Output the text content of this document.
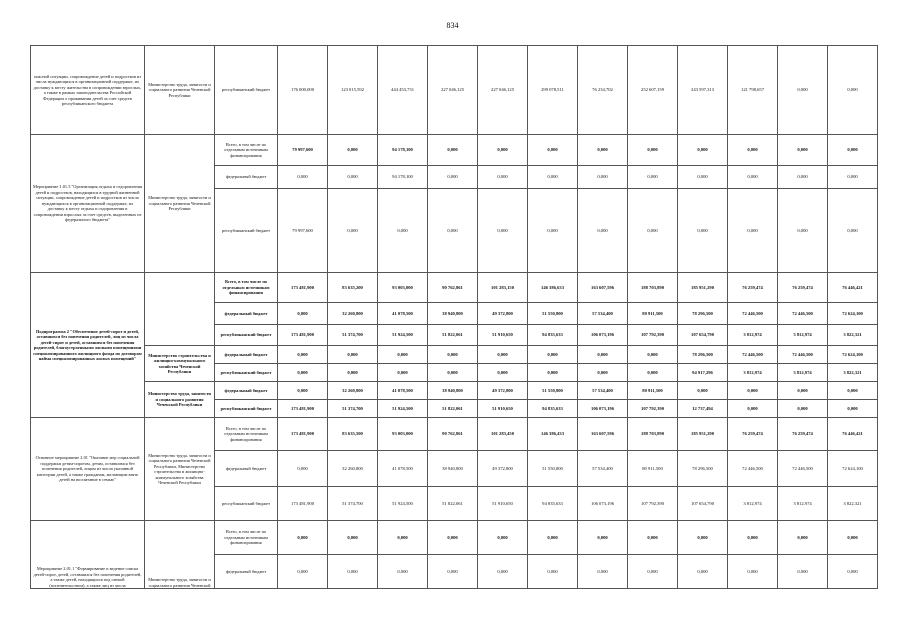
834
опасной ситуации, сопровождение детей и подростков из числа нуждающихся в организационной поддержке, их доставку к месту жительства в сопровождении взрослых, а также в рамках законодательства Российской Федерации о проживании детей за счет средств республиканского бюджета	Министерство труда, занятости и социального развития Чеченской Республики	республиканский бюджет	176 000,000	123 015,592	444 453,731	227 046,125	227 046,125	299 078,511	76 234,702	252 607,159	243 597,313	121 798,657	0,000	0,000
Мероприятие 1.01.5 "Организация отдыха и оздоровления детей и подростков, находящихся в трудной жизненной ситуации, сопровождение детей и подростков из числа нуждающихся в организационной поддержке, их доставку к месту отдыха и оздоровления в сопровождении взрослых за счет средств, выделенных из федерального бюджета"	Министерство труда, занятости и социального развития Чеченской Республики	Всего, в том числе по отдельным источникам финансирования	79 997,600	0,000	94 178,100	0,000	0,000	0,000	0,000	0,000	0,000	0,000	0,000	0,000
		федеральный бюджет	0,000	0,000	94 178,100	0,000	0,000	0,000	0,000	0,000	0,000	0,000	0,000	0,000
		республиканский бюджет	79 997,600	0,000	0,000	0,000	0,000	0,000	0,000	0,000	0,000	0,000	0,000	0,000
Подпрограмма 2 "Обеспечение детей-сирот и детей, оставшихся без попечения родителей, лиц из числа детей-сирот и детей, оставшихся без попечения родителей, благоустроенными жилыми помещениями специализированного жилищного фонда по договорам найма специализированных жилых помещений"		Всего, в том числе по отдельным источникам финансирования	173 481,900	83 635,200	93 003,000	90 762,861	101 283,150	146 386,633	163 607,596	188 703,890	185 951,290	76 259,474	76 259,474	76 446,421
		федеральный бюджет	0,000	32 260,800	41 078,500	38 940,800	49 372,800	51 550,800	57 534,400	80 911,500	78 296,500	72 446,500	72 446,500	72 624,100
		республиканский бюджет	173 481,900	51 374,700	51 924,500	51 822,061	51 910,650	94 835,633	106 073,196	107 792,390	107 654,790	3 812,974	3 812,974	3 822,321
	Министерство строительства и жилищно-коммунального хозяйства Чеченской Республики	федеральный бюджет	0,000	0,000	0,000	0,000	0,000	0,000	0,000	0,000	78 296,500	72 446,500	72 446,500	72 624,100
		республиканский бюджет	0,000	0,000	0,000	0,000	0,000	0,000	0,000	0,000	94 917,296	3 812,974	3 812,974	3 822,321
	Министерство труда, занятости и социального развития Чеченской Республики	федеральный бюджет	0,000	32 260,800	41 078,500	38 940,800	49 372,800	51 550,800	57 534,400	80 911,500	0,000	0,000	0,000	0,000
		республиканский бюджет	173 481,900	51 374,700	51 924,500	51 822,061	51 910,650	94 835,633	106 073,196	107 792,390	12 737,494	0,000	0,000	0,000
Основное мероприятие 2.01 "Оказание мер социальной поддержки детям-сиротам, детям, оставшимся без попечения родителей, лицам из числа указанной категории детей, а также гражданам, желающим взять детей на воспитание в семью"	Министерство труда, занятости и социального развития Чеченской Республики, Министерство строительства и жилищно-коммунального хозяйства Чеченской Республики	Всего, в том числе по отдельным источникам финансирования	173 481,900	83 635,500	93 003,000	90 762,861	101 283,450	146 386,433	163 607,596	188 703,890	185 951,290	76 259,474	76 259,474	76 446,421
		федеральный бюджет	0,000	32 260,800	41 078,500	38 940,800	49 372,800	51 550,800	57 534,400	80 911,500	78 296,500	72 446,500	72 446,500	72 624,100
		республиканский бюджет	173 481,900	51 374,700	51 924,500	51 822,061	51 910,650	94 835,633	106 073,196	107 792,390	107 654,790	3 812,974	3 812,974	3 822,321
Мероприятие 2.01.1 "Формирование и ведение списка детей-сирот, детей, оставшихся без попечения родителей, а также детей, находящихся под опекой (попечительством), а также лиц из числа	Министерство труда, занятости и социального развития Чеченской	Всего, в том числе по отдельным источникам финансирования	0,000	0,000	0,000	0,000	0,000	0,000	0,000	0,000	0,000	0,000	0,000	0,000
		федеральный бюджет	0,000	0,000	0,000	0,000	0,000	0,000	0,000	0,000	0,000	0,000	0,000	0,000
